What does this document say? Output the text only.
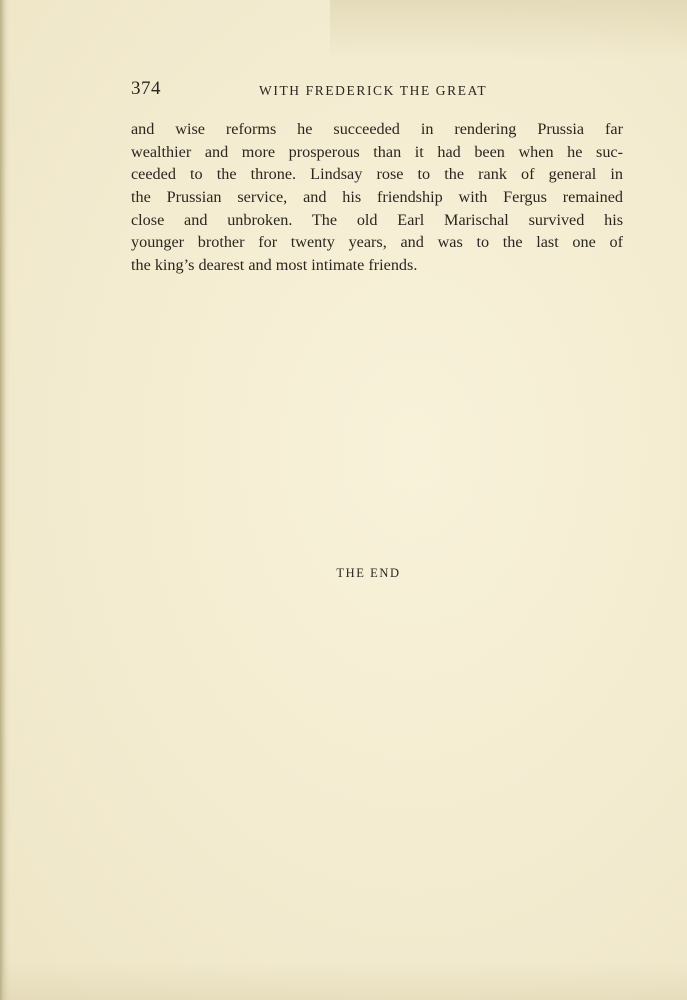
374	WITH FREDERICK THE GREAT
and wise reforms he succeeded in rendering Prussia far
wealthier and more prosperous than it had been when he suc-
ceeded to the throne. Lindsay rose to the rank of general in
the Prussian service, and his friendship with Fergus remained
close and unbroken. The old Earl Marischal survived his
younger brother for twenty years, and was to the last one of
the king’s dearest and most intimate friends.
THE END
